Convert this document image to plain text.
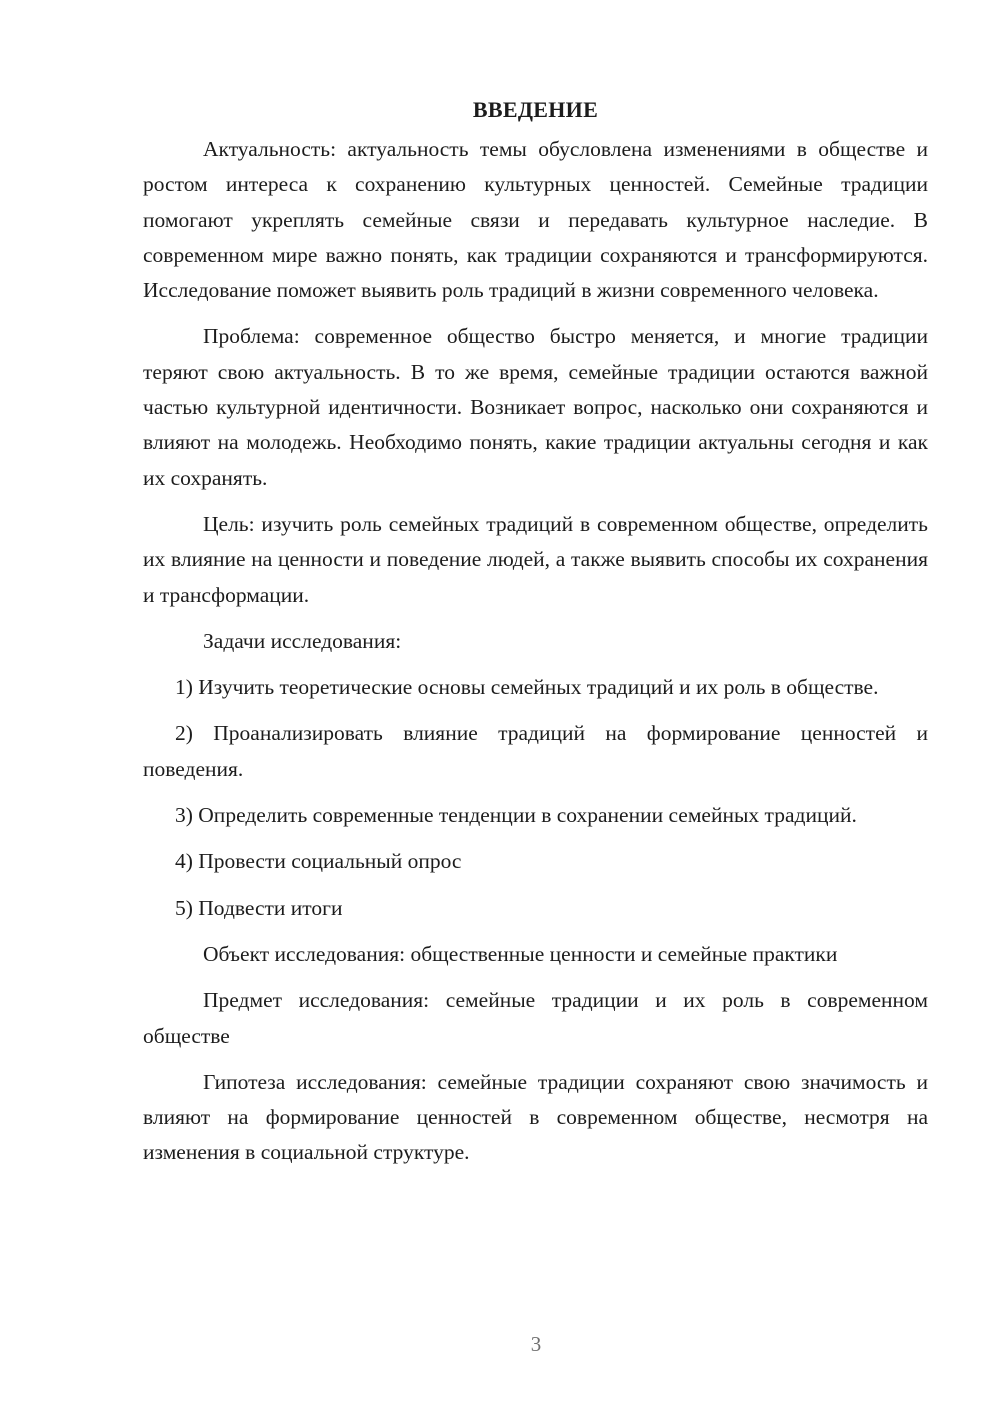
ВВЕДЕНИЕ

Актуальность: актуальность темы обусловлена изменениями в обществе и ростом интереса к сохранению культурных ценностей. Семейные традиции помогают укреплять семейные связи и передавать культурное наследие. В современном мире важно понять, как традиции сохраняются и трансформируются. Исследование поможет выявить роль традиций в жизни современного человека.

Проблема: современное общество быстро меняется, и многие традиции теряют свою актуальность. В то же время, семейные традиции остаются важной частью культурной идентичности. Возникает вопрос, насколько они сохраняются и влияют на молодежь. Необходимо понять, какие традиции актуальны сегодня и как их сохранять.

Цель: изучить роль семейных традиций в современном обществе, определить их влияние на ценности и поведение людей, а также выявить способы их сохранения и трансформации.

Задачи исследования:

1) Изучить теоретические основы семейных традиций и их роль в обществе.

2) Проанализировать влияние традиций на формирование ценностей и поведения.

3) Определить современные тенденции в сохранении семейных традиций.

4) Провести социальный опрос

5) Подвести итоги

Объект исследования: общественные ценности и семейные практики

Предмет исследования: семейные традиции и их роль в современном обществе

Гипотеза исследования: семейные традиции сохраняют свою значимость и влияют на формирование ценностей в современном обществе, несмотря на изменения в социальной структуре.

3
